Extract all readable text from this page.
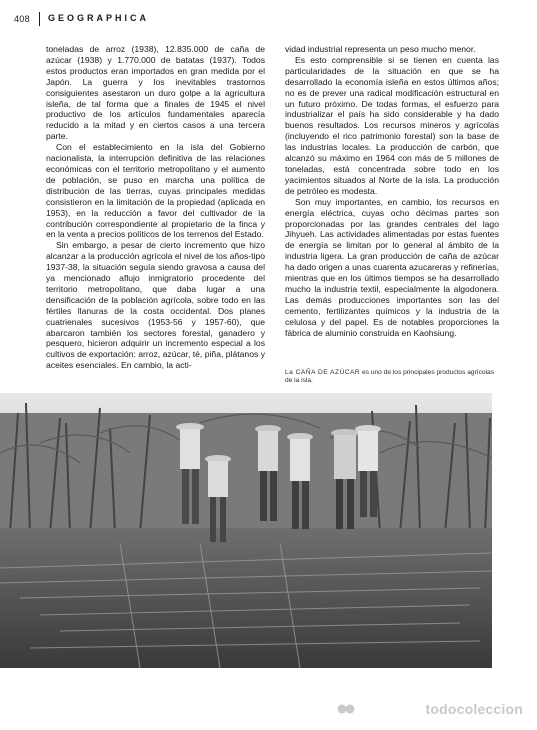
408 GEOGRAPHICA

toneladas de arroz (1938), 12.835.000 de caña de azúcar (1938) y 1.770.000 de batatas (1937). Todos estos productos eran importados en gran medida por el Japón. La guerra y los inevitables trastornos consiguientes asestaron un duro golpe a la agricultura isleña, de tal forma que a finales de 1945 el nivel productivo de los artículos fundamentales aparecía reducido a la mitad y en ciertos casos a una tercera parte.

Con el establecimiento en la isla del Gobierno nacionalista, la interrupción definitiva de las relaciones económicas con el territorio metropolitano y el aumento de población, se puso en marcha una política de distribución de las tierras, cuyas principales medidas consistieron en la limitación de la propiedad (aplicada en 1953), en la reducción a favor del cultivador de la contribución correspondiente al propietario de la finca y en la venta a precios políticos de los terrenos del Estado.

Sin embargo, a pesar de cierto incremento que hizo alcanzar a la producción agrícola el nivel de los años-tipo 1937-38, la situación seguía siendo gravosa a causa del ya mencionado aflujo inmigratorio procedente del territorio metropolitano, que daba lugar a una densificación de la población agrícola, sobre todo en las fértiles llanuras de la costa occidental. Dos planes cuatrienales sucesivos (1953-56 y 1957-60), que abarcaron también los sectores forestal, ganadero y pesquero, hicieron adquirir un incremento especial a los cultivos de exportación: arroz, azúcar, té, piña, plátanos y aceites esenciales. En cambio, la acti-

vidad industrial representa un peso mucho menor.

Es esto comprensible si se tienen en cuenta las particularidades de la situación en que se ha desarrollado la economía isleña en estos últimos años; no es de prever una radical modificación estructural en un futuro próximo. De todas formas, el esfuerzo para industrializar el país ha sido considerable y ha dado buenos resultados. Los recursos mineros y agrícolas (incluyendo el rico patrimonio forestal) son la base de las industrias locales. La producción de carbón, que alcanzó su máximo en 1964 con más de 5 millones de toneladas, está concentrada sobre todo en los yacimientos situados al Norte de la isla. La producción de petróleo es modesta.

Son muy importantes, en cambio, los recursos en energía eléctrica, cuyas ocho décimas partes son proporcionadas por las grandes centrales del lago Jihyueh. Las actividades alimentadas por estas fuentes de energía se limitan por lo general al ámbito de la industria ligera. La gran producción de caña de azúcar ha dado origen a unas cuarenta azucareras y refinerías, mientras que en los últimos tiempos se ha desarrollado mucho la industria textil, especialmente la algodonera. Las demás producciones importantes son las del cemento, fertilizantes químicos y la industria de la celulosa y del papel. Es de notables proporciones la fábrica de aluminio construida en Kaohsiung.

La CAÑA DE AZÚCAR es uno de los principales productos agrícolas de la isla.
todocoleccion
